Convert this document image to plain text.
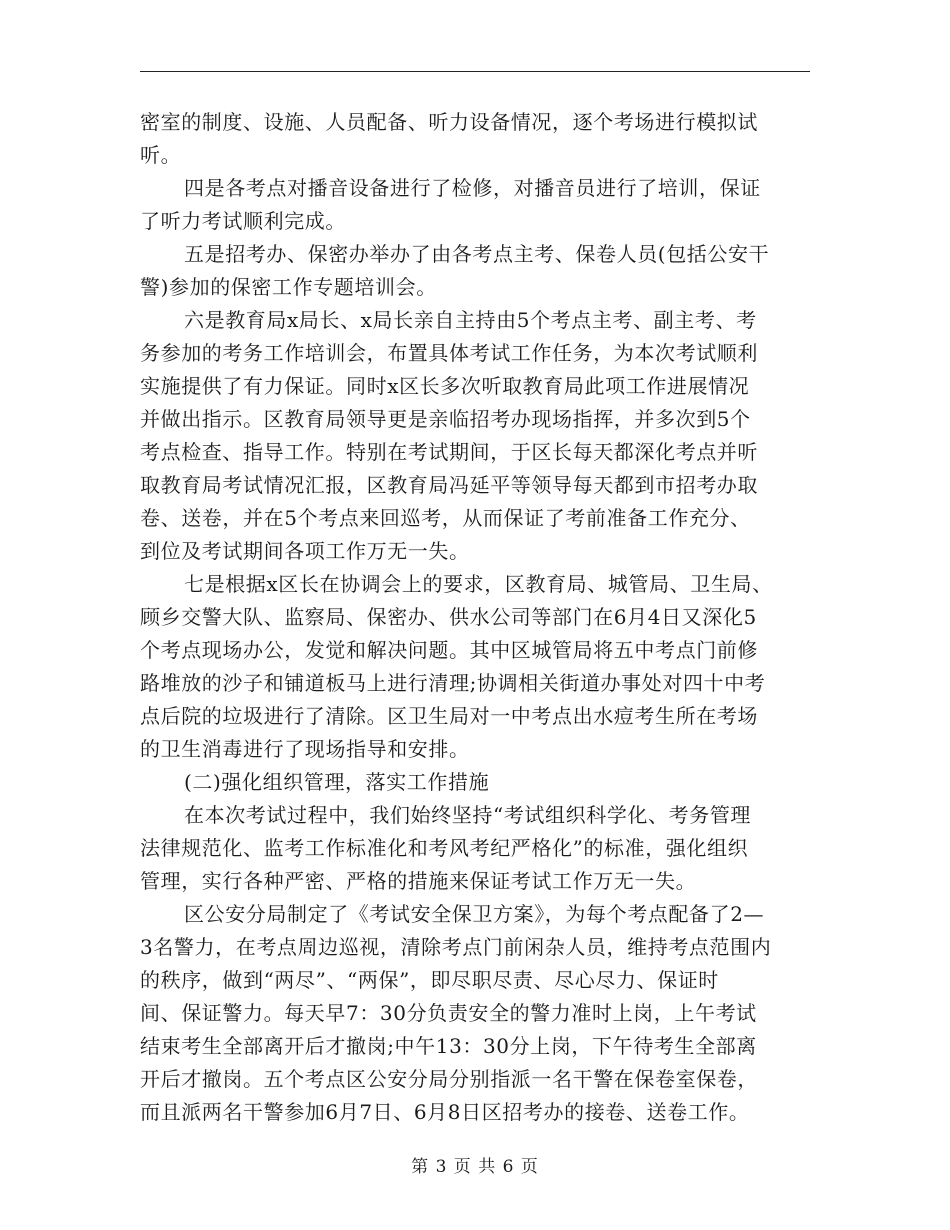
密室的制度、设施、人员配备、听力设备情况，逐个考场进行模拟试
听。
四是各考点对播音设备进行了检修，对播音员进行了培训，保证
了听力考试顺利完成。
五是招考办、保密办举办了由各考点主考、保卷人员(包括公安干
警)参加的保密工作专题培训会。
六是教育局x局长、x局长亲自主持由5个考点主考、副主考、考
务参加的考务工作培训会，布置具体考试工作任务，为本次考试顺利
实施提供了有力保证。同时x区长多次听取教育局此项工作进展情况
并做出指示。区教育局领导更是亲临招考办现场指挥，并多次到5个
考点检查、指导工作。特别在考试期间，于区长每天都深化考点并听
取教育局考试情况汇报，区教育局冯延平等领导每天都到市招考办取
卷、送卷，并在5个考点来回巡考，从而保证了考前准备工作充分、
到位及考试期间各项工作万无一失。
七是根据x区长在协调会上的要求，区教育局、城管局、卫生局、
顾乡交警大队、监察局、保密办、供水公司等部门在6月4日又深化5
个考点现场办公，发觉和解决问题。其中区城管局将五中考点门前修
路堆放的沙子和铺道板马上进行清理;协调相关街道办事处对四十中考
点后院的垃圾进行了清除。区卫生局对一中考点出水痘考生所在考场
的卫生消毒进行了现场指导和安排。
(二)强化组织管理，落实工作措施
在本次考试过程中，我们始终坚持“考试组织科学化、考务管理
法律规范化、监考工作标准化和考风考纪严格化”的标准，强化组织
管理，实行各种严密、严格的措施来保证考试工作万无一失。
区公安分局制定了《考试安全保卫方案》，为每个考点配备了2—
3名警力，在考点周边巡视，清除考点门前闲杂人员，维持考点范围内
的秩序，做到“两尽”、“两保”，即尽职尽责、尽心尽力、保证时
间、保证警力。每天早7：30分负责安全的警力准时上岗，上午考试
结束考生全部离开后才撤岗;中午13：30分上岗，下午待考生全部离
开后才撤岗。五个考点区公安分局分别指派一名干警在保卷室保卷，
而且派两名干警参加6月7日、6月8日区招考办的接卷、送卷工作。
第 3 页 共 6 页
